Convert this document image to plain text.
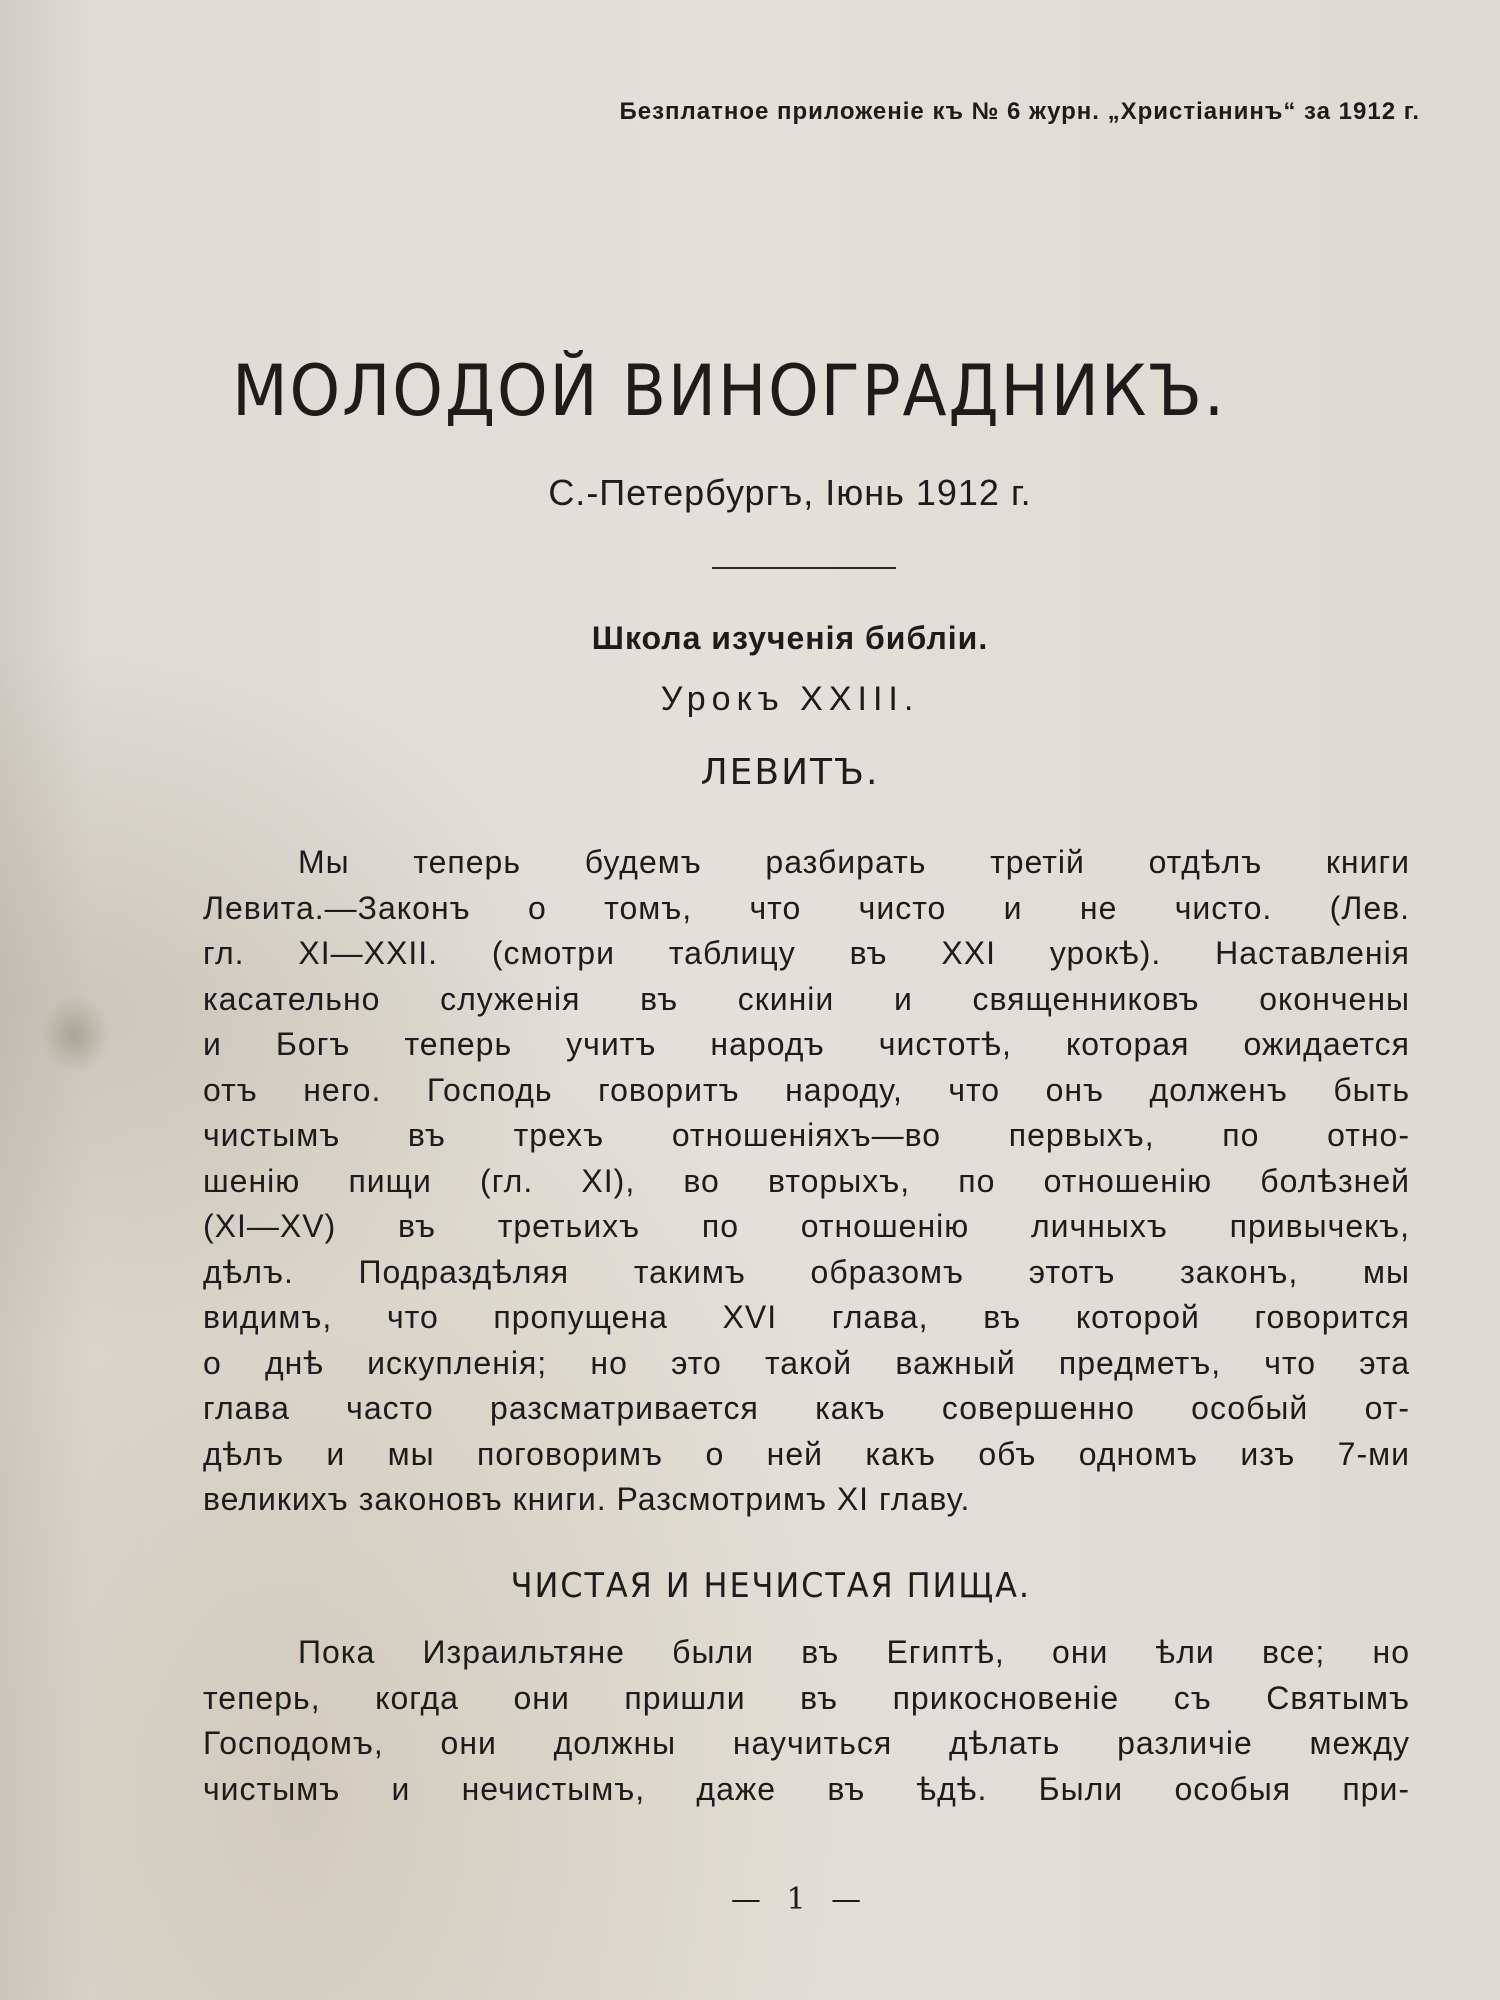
Безплатное приложеніе къ № 6 журн. „Христіанинъ“ за 1912 г.
МОЛОДОЙ ВИНОГРАДНИКЪ.
С.-Петербургъ, Іюнь 1912 г.
Школа изученія библіи.
Урокъ XXIII.
ЛЕВИТЪ.
Мы теперь будемъ разбирать третій отдѣлъ книги
Левита.—Законъ о томъ, что чисто и не чисто. (Лев.
гл. XI—XXII. (смотри таблицу въ XXI урокѣ). Наставленія
касательно служенія въ скиніи и священниковъ окончены
и Богъ теперь учитъ народъ чистотѣ, которая ожидается
отъ него. Господь говоритъ народу, что онъ долженъ быть
чистымъ въ трехъ отношеніяхъ—во первыхъ, по отно-
шенію пищи (гл. XI), во вторыхъ, по отношенію болѣзней
(XI—XV) въ третьихъ по отношенію личныхъ привычекъ,
дѣлъ. Подраздѣляя такимъ образомъ этотъ законъ, мы
видимъ, что пропущена XVI глава, въ которой говорится
о днѣ искупленія; но это такой важный предметъ, что эта
глава часто разсматривается какъ совершенно особый от-
дѣлъ и мы поговоримъ о ней какъ объ одномъ изъ 7-ми
великихъ законовъ книги. Разсмотримъ XI главу.
ЧИСТАЯ И НЕЧИСТАЯ ПИЩА.
Пока Израильтяне были въ Египтѣ, они ѣли все; но
теперь, когда они пришли въ прикосновеніе съ Святымъ
Господомъ, они должны научиться дѣлать различіе между
чистымъ и нечистымъ, даже въ ѣдѣ. Были особыя при-
— 1 —
